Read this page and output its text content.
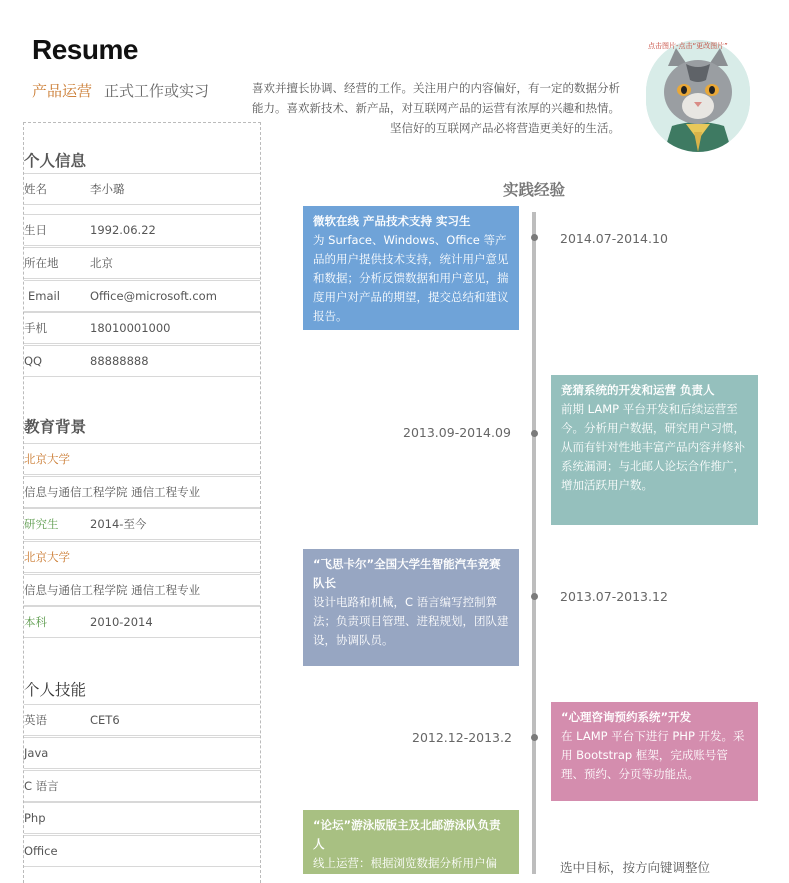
Resume
产品运营 正式工作或实习	喜欢并擅长协调、经营的工作。关注用户的内容偏好，有一定的数据分析能力。喜欢新技术、新产品，对互联网产品的运营有浓厚的兴趣和热情。坚信好的互联网产品必将营造更美好的生活。
点击图片-点击“更改图片”
个人信息
姓名	李小璐
生日	1992.06.22
所在地	北京
Email	Office@microsoft.com
手机	18010001000
QQ	88888888
教育背景
北京大学
信息与通信工程学院 通信工程专业
研究生	2014-至今
北京大学
信息与通信工程学院 通信工程专业
本科	2010-2014
个人技能
英语	CET6
Java
C 语言
Php
Office
实践经验
微软在线 产品技术支持 实习生
为 Surface、Windows、Office 等产品的用户提供技术支持，统计用户意见和数据；分析反馈数据和用户意见，揣度用户对产品的期望，提交总结和建议报告。
2014.07-2014.10
竞猜系统的开发和运营 负责人
前期 LAMP 平台开发和后续运营至今。分析用户数据，研究用户习惯，从而有针对性地丰富产品内容并修补系统漏洞；与北邮人论坛合作推广，增加活跃用户数。
2013.09-2014.09
“飞思卡尔”全国大学生智能汽车竞赛 队长
设计电路和机械，C 语言编写控制算法；负责项目管理、进程规划，团队建设，协调队员。
2013.07-2013.12
“心理咨询预约系统”开发
在 LAMP 平台下进行 PHP 开发。采用 Bootstrap 框架，完成账号管理、预约、分页等功能点。
2012.12-2013.2
“论坛”游泳版版主及北邮游泳队负责人
线上运营：根据浏览数据分析用户偏	选中目标，按方向键调整位
